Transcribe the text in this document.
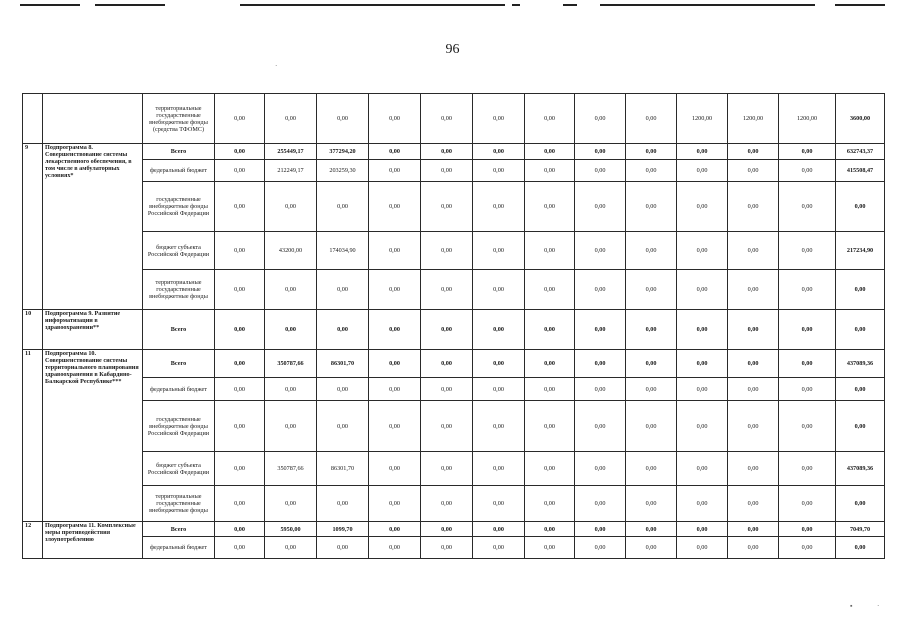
96
·
▪	·
		территориальные государственные внебюджетные фонды (средства ТФОМС)	0,00	0,00	0,00	0,00	0,00	0,00	0,00	0,00	0,00	1200,00	1200,00	1200,00	3600,00
9	Подпрограмма 8. Совершенствование системы лекарственного обеспечения, в том числе в амбулаторных условиях*	Всего	0,00	255449,17	377294,20	0,00	0,00	0,00	0,00	0,00	0,00	0,00	0,00	0,00	632743,37
		федеральный бюджет	0,00	212249,17	203259,30	0,00	0,00	0,00	0,00	0,00	0,00	0,00	0,00	0,00	415508,47
		государственные внебюджетные фонды Российской Федерации	0,00	0,00	0,00	0,00	0,00	0,00	0,00	0,00	0,00	0,00	0,00	0,00	0,00
		бюджет субъекта Российской Федерации	0,00	43200,00	174034,90	0,00	0,00	0,00	0,00	0,00	0,00	0,00	0,00	0,00	217234,90
		территориальные государственные внебюджетные фонды	0,00	0,00	0,00	0,00	0,00	0,00	0,00	0,00	0,00	0,00	0,00	0,00	0,00
10	Подпрограмма 9. Развитие информатизации в здравоохранении**	Всего	0,00	0,00	0,00	0,00	0,00	0,00	0,00	0,00	0,00	0,00	0,00	0,00	0,00
11	Подпрограмма 10. Совершенствование системы территориального планирования здравоохранения в Кабардино-Балкарской Республике***	Всего	0,00	350787,66	86301,70	0,00	0,00	0,00	0,00	0,00	0,00	0,00	0,00	0,00	437089,36
		федеральный бюджет	0,00	0,00	0,00	0,00	0,00	0,00	0,00	0,00	0,00	0,00	0,00	0,00	0,00
		государственные внебюджетные фонды Российской Федерации	0,00	0,00	0,00	0,00	0,00	0,00	0,00	0,00	0,00	0,00	0,00	0,00	0,00
		бюджет субъекта Российской Федерации	0,00	350787,66	86301,70	0,00	0,00	0,00	0,00	0,00	0,00	0,00	0,00	0,00	437089,36
		территориальные государственные внебюджетные фонды	0,00	0,00	0,00	0,00	0,00	0,00	0,00	0,00	0,00	0,00	0,00	0,00	0,00
12	Подпрограмма 11. Комплексные меры противодействия злоупотреблению	Всего	0,00	5950,00	1099,70	0,00	0,00	0,00	0,00	0,00	0,00	0,00	0,00	0,00	7049,70
		федеральный бюджет	0,00	0,00	0,00	0,00	0,00	0,00	0,00	0,00	0,00	0,00	0,00	0,00	0,00
